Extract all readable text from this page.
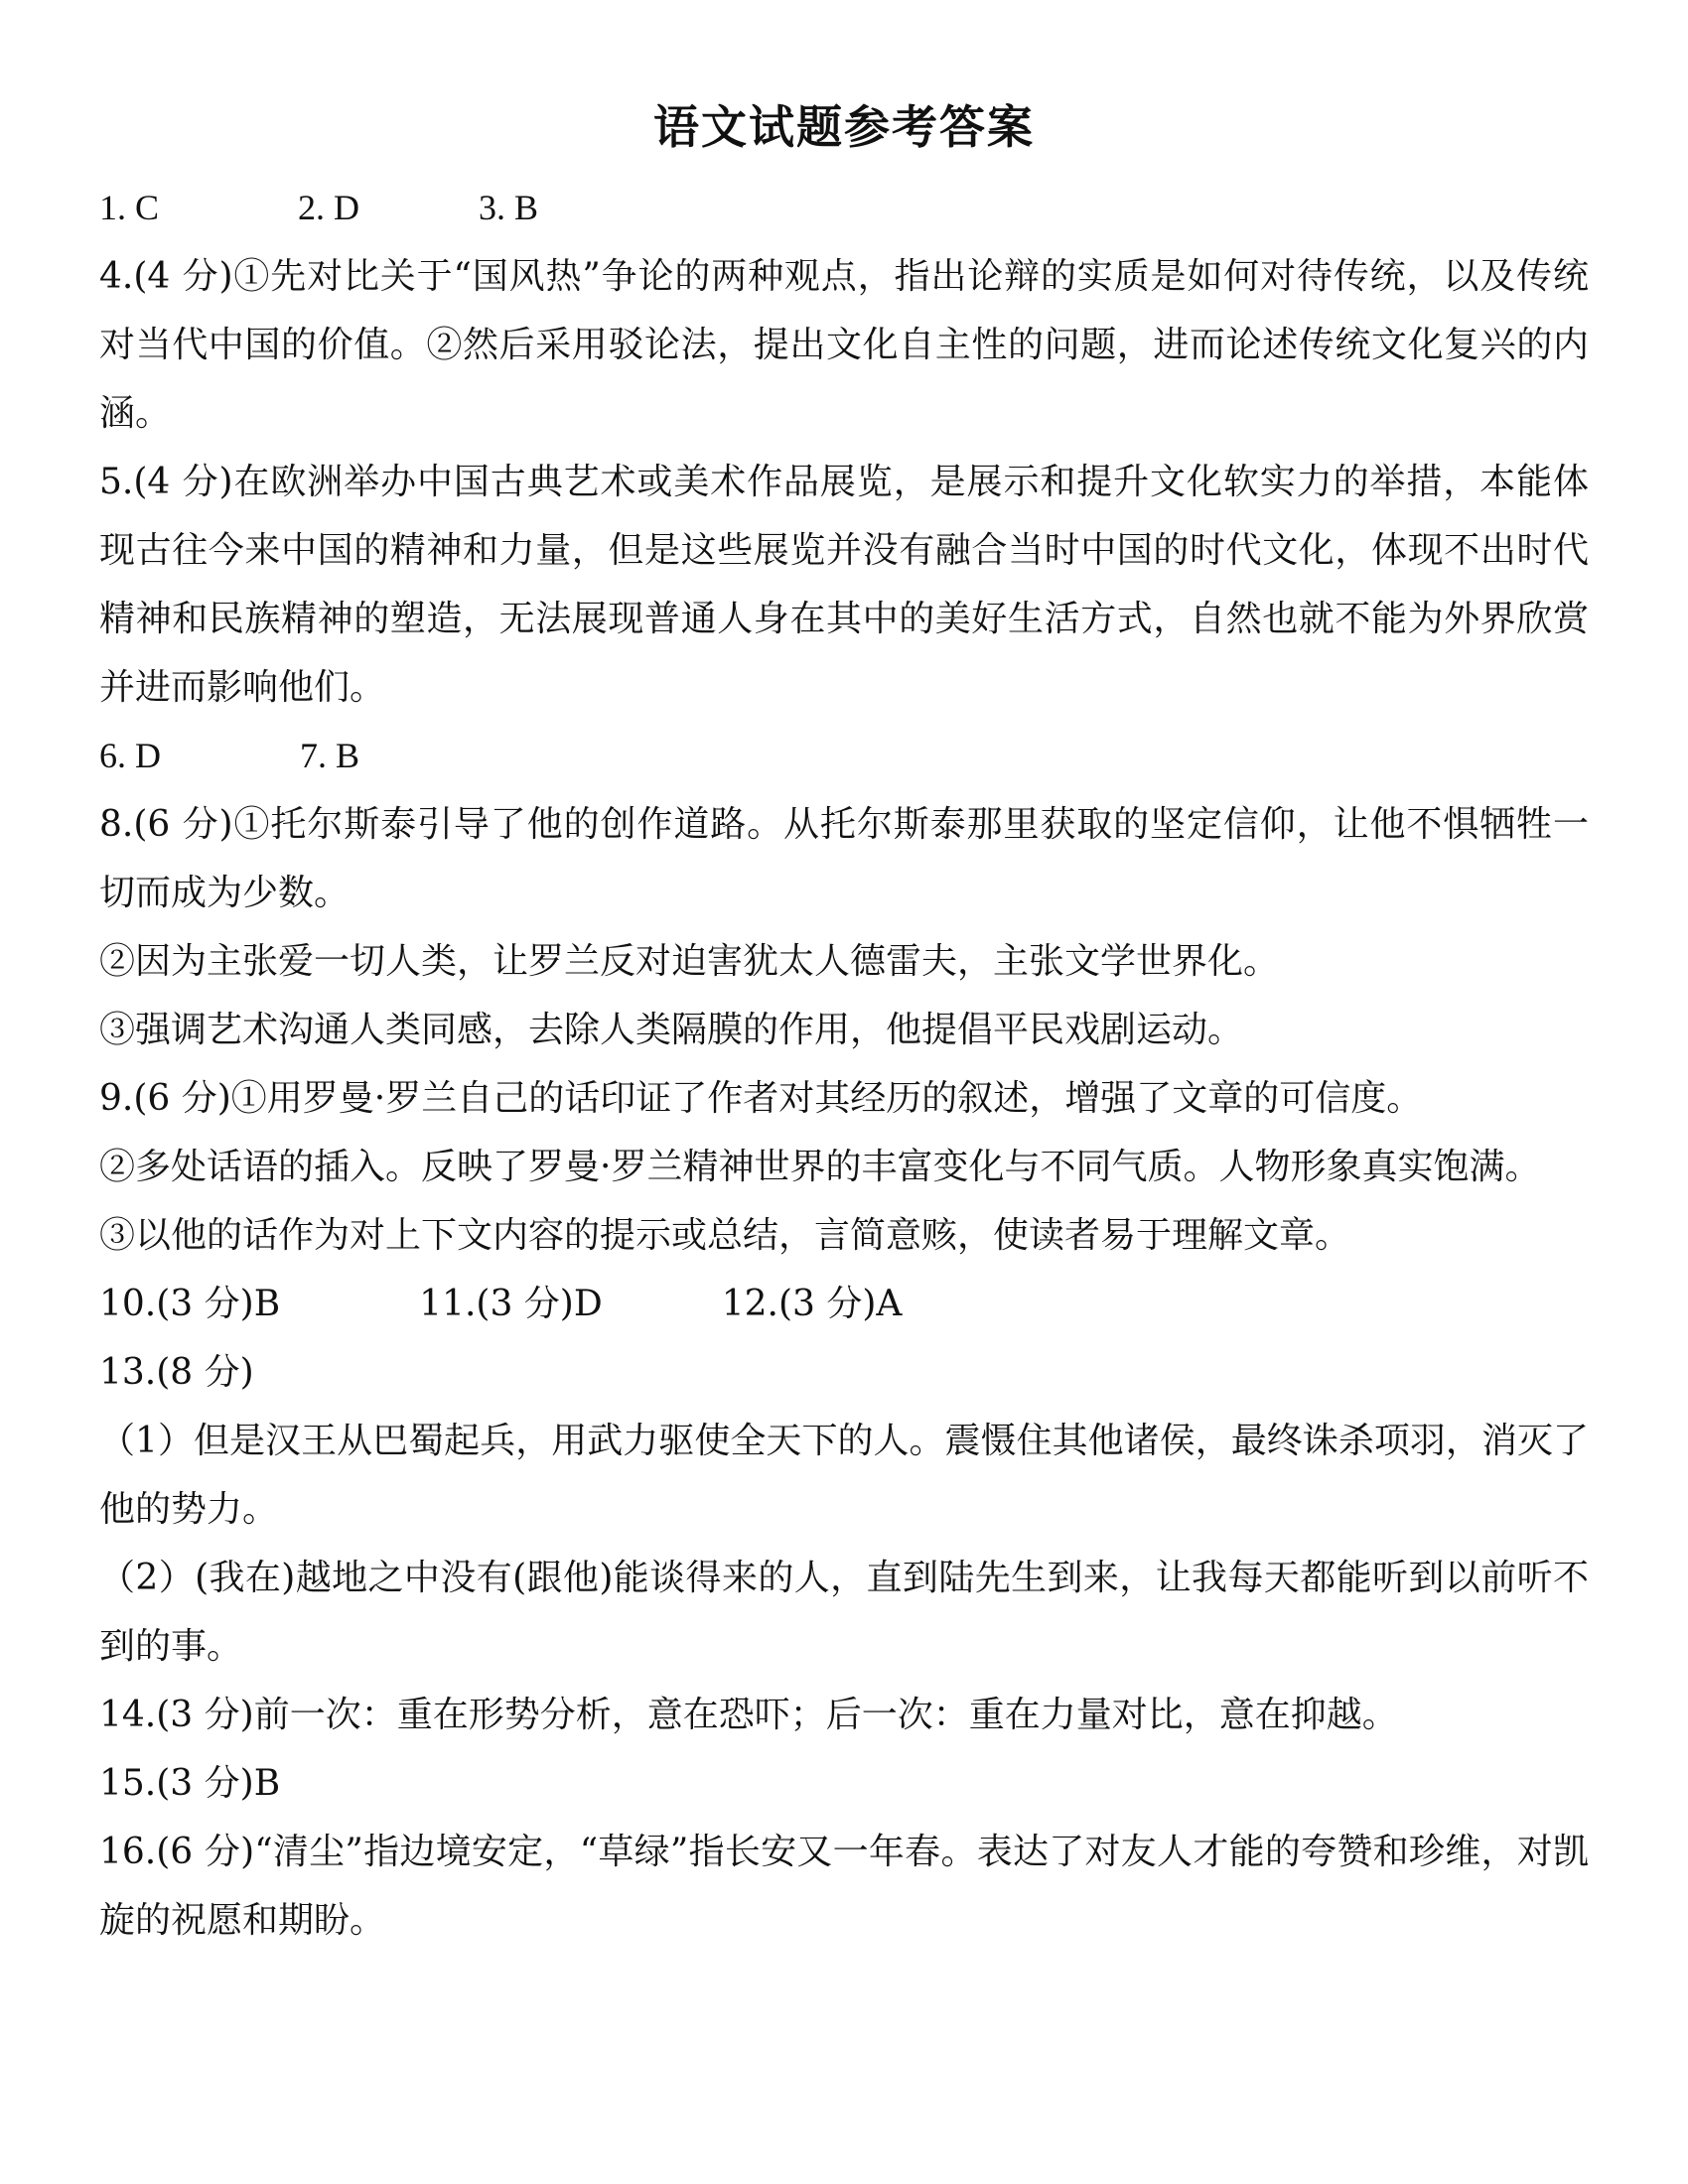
语文试题参考答案
1. C	2. D	3. B

4.(4 分)①先对比关于“国风热”争论的两种观点，指出论辩的实质是如何对待传统，以及传统对当代中国的价值。②然后采用驳论法，提出文化自主性的问题，进而论述传统文化复兴的内涵。

5.(4 分)在欧洲举办中国古典艺术或美术作品展览，是展示和提升文化软实力的举措，本能体现古往今来中国的精神和力量，但是这些展览并没有融合当时中国的时代文化，体现不出时代精神和民族精神的塑造，无法展现普通人身在其中的美好生活方式，自然也就不能为外界欣赏并进而影响他们。

6. D	7. B

8.(6 分)①托尔斯泰引导了他的创作道路。从托尔斯泰那里获取的坚定信仰，让他不惧牺牲一切而成为少数。

②因为主张爱一切人类，让罗兰反对迫害犹太人德雷夫，主张文学世界化。

③强调艺术沟通人类同感，去除人类隔膜的作用，他提倡平民戏剧运动。

9.(6 分)①用罗曼·罗兰自己的话印证了作者对其经历的叙述，增强了文章的可信度。

②多处话语的插入。反映了罗曼·罗兰精神世界的丰富变化与不同气质。人物形象真实饱满。

③以他的话作为对上下文内容的提示或总结，言简意赅，使读者易于理解文章。

10.(3 分)B	11.(3 分)D	12.(3 分)A

13.(8 分)

（1）但是汉王从巴蜀起兵，用武力驱使全天下的人。震慑住其他诸侯，最终诛杀项羽，消灭了他的势力。

（2）(我在)越地之中没有(跟他)能谈得来的人，直到陆先生到来，让我每天都能听到以前听不到的事。

14.(3 分)前一次：重在形势分析，意在恐吓；后一次：重在力量对比，意在抑越。

15.(3 分)B

16.(6 分)“清尘”指边境安定，“草绿”指长安又一年春。表达了对友人才能的夸赞和珍维，对凯旋的祝愿和期盼。
